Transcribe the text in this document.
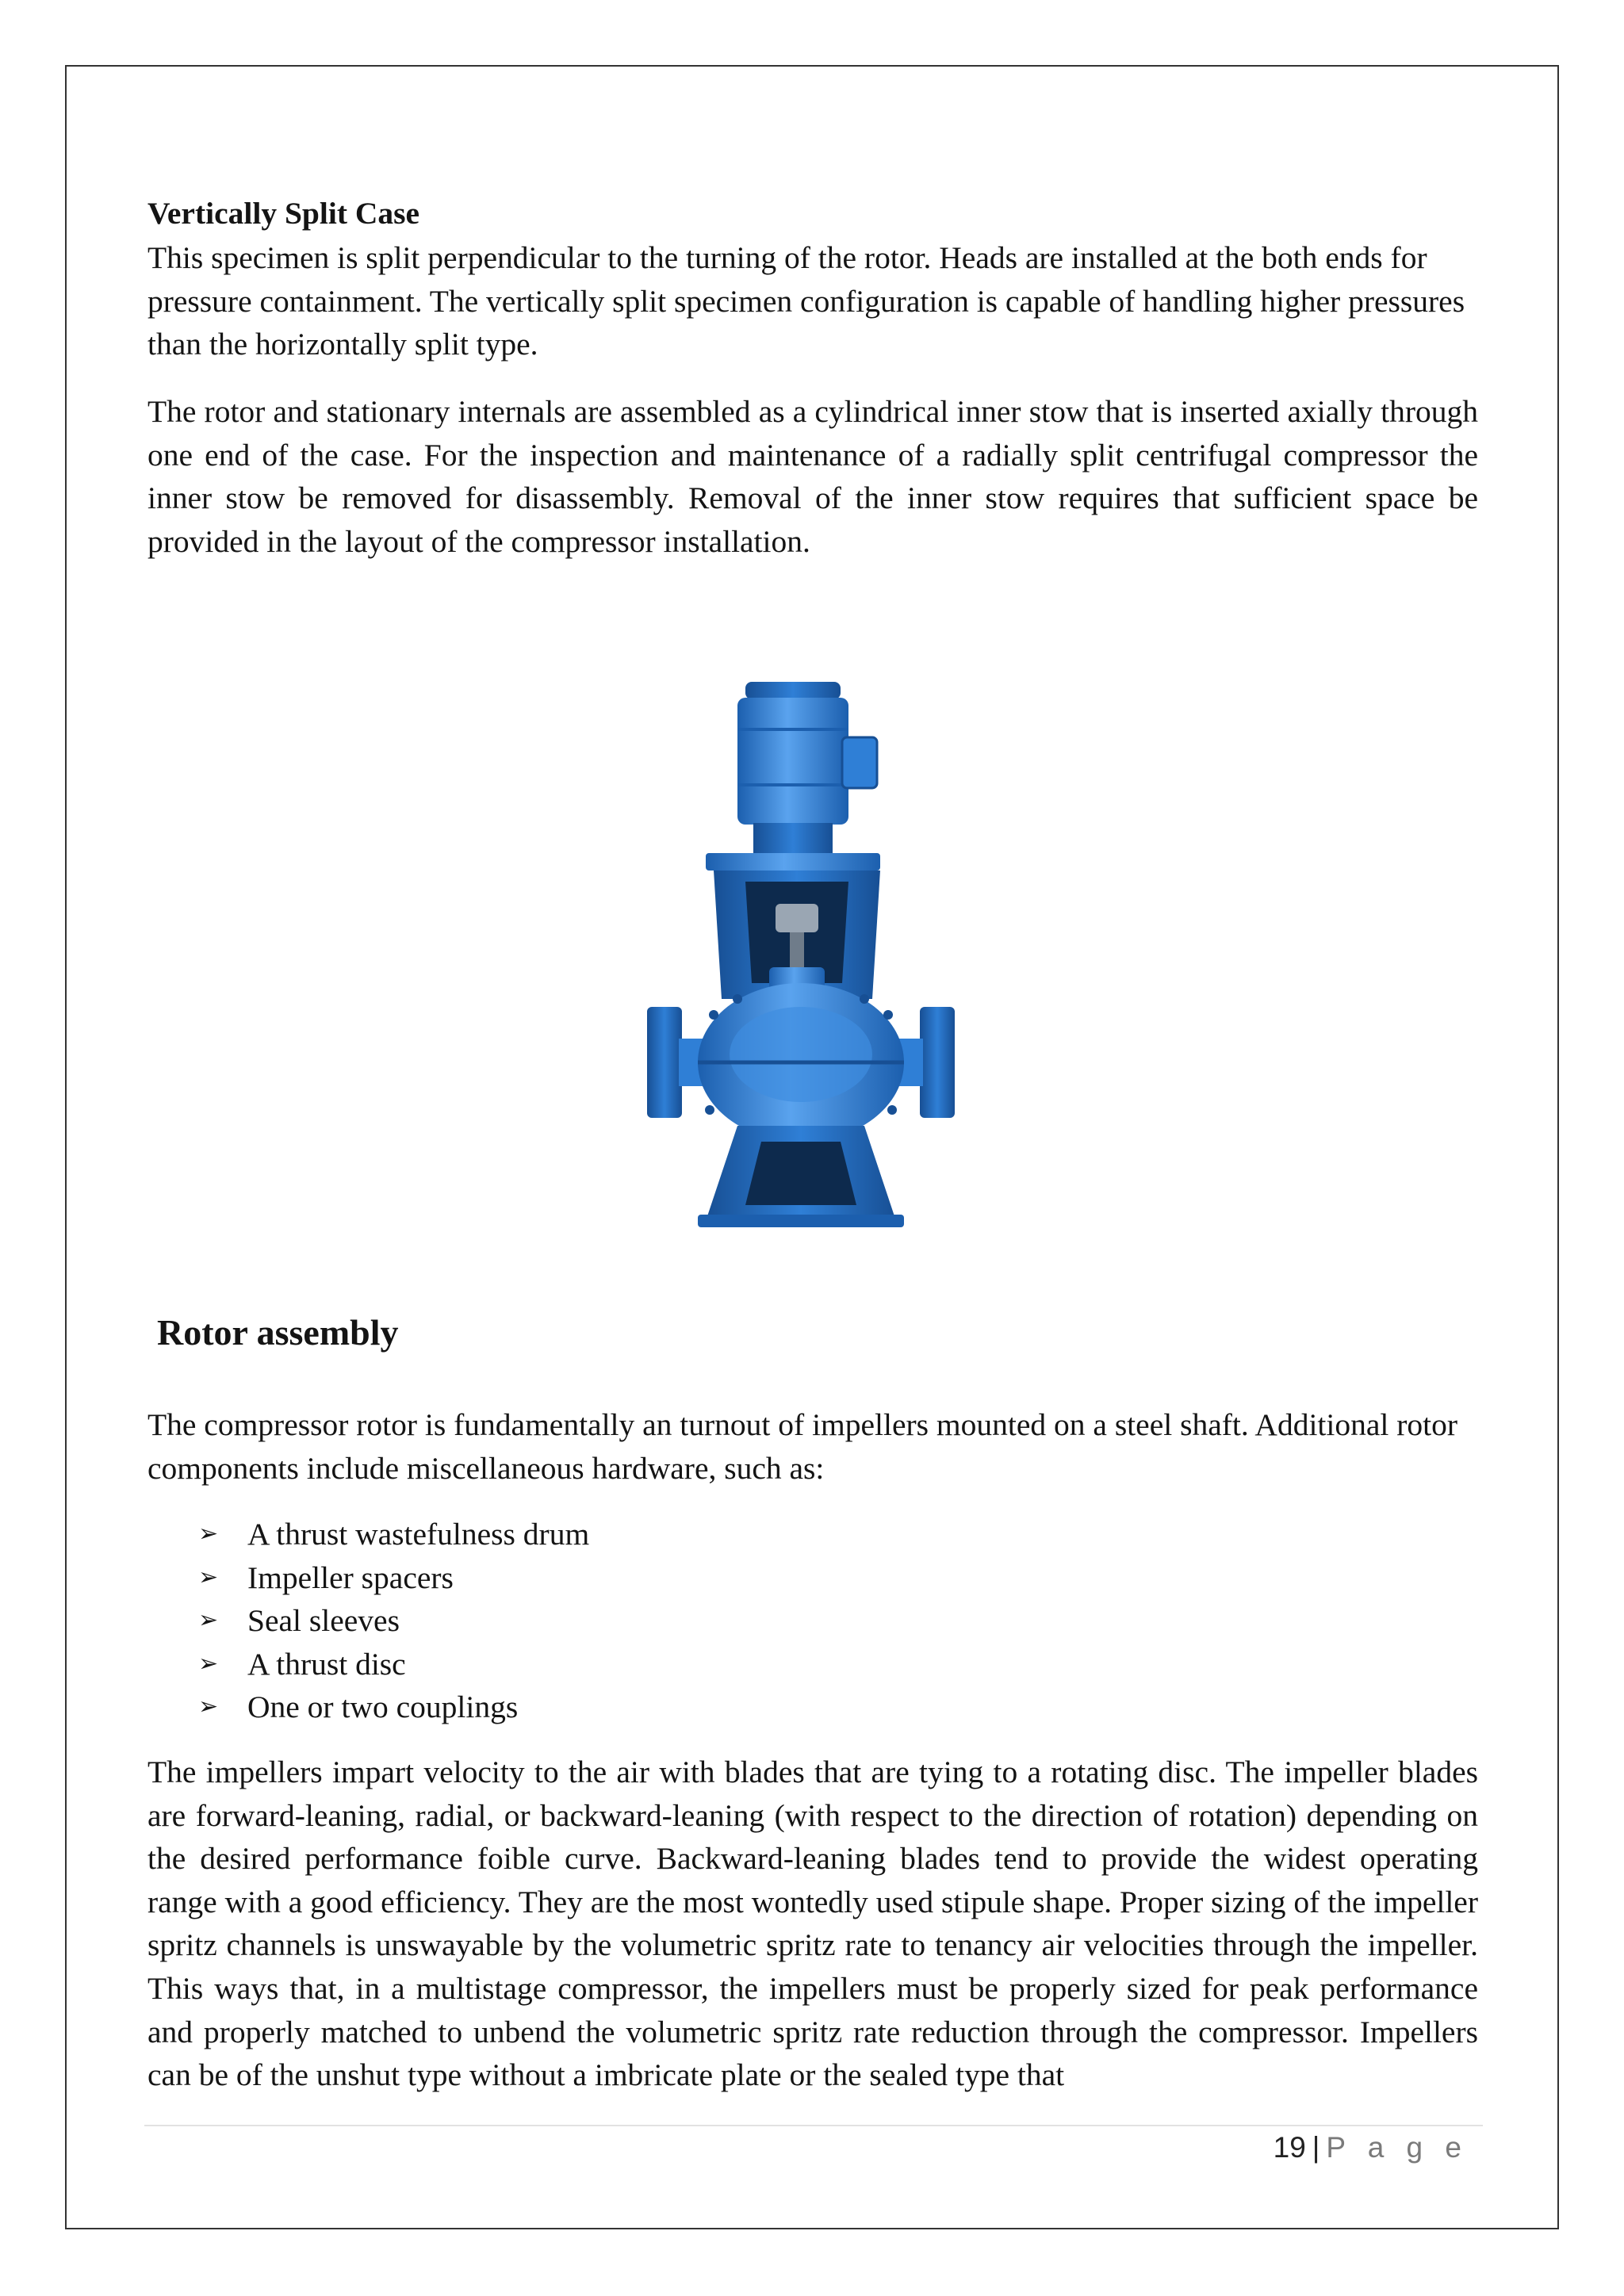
Vertically Split Case

This specimen is split perpendicular to the turning of the rotor. Heads are installed at the both ends for pressure containment. The vertically split specimen configuration is capable of handling higher pressures than the horizontally split type.

The rotor and stationary internals are assembled as a cylindrical inner stow that is inserted axially through one end of the case. For the inspection and maintenance of a radially split centrifugal compressor the inner stow be removed for disassembly. Removal of the inner stow requires that sufficient space be provided in the layout of the compressor installation.

Rotor assembly

The compressor rotor is fundamentally an turnout of impellers mounted on a steel shaft. Additional rotor components include miscellaneous hardware, such as:

➢ A thrust wastefulness drum
➢ Impeller spacers
➢ Seal sleeves
➢ A thrust disc
➢ One or two couplings

The impellers impart velocity to the air with blades that are tying to a rotating disc. The impeller blades are forward-leaning, radial, or backward-leaning (with respect to the direction of rotation) depending on the desired performance foible curve. Backward-leaning blades tend to provide the widest operating range with a good efficiency. They are the most wontedly used stipule shape. Proper sizing of the impeller spritz channels is unswayable by the volumetric spritz rate to tenancy air velocities through the impeller. This ways that, in a multistage compressor, the impellers must be properly sized for peak performance and properly matched to unbend the volumetric spritz rate reduction through the compressor. Impellers can be of the unshut type without a imbricate plate or the sealed type that

19 | P a g e
